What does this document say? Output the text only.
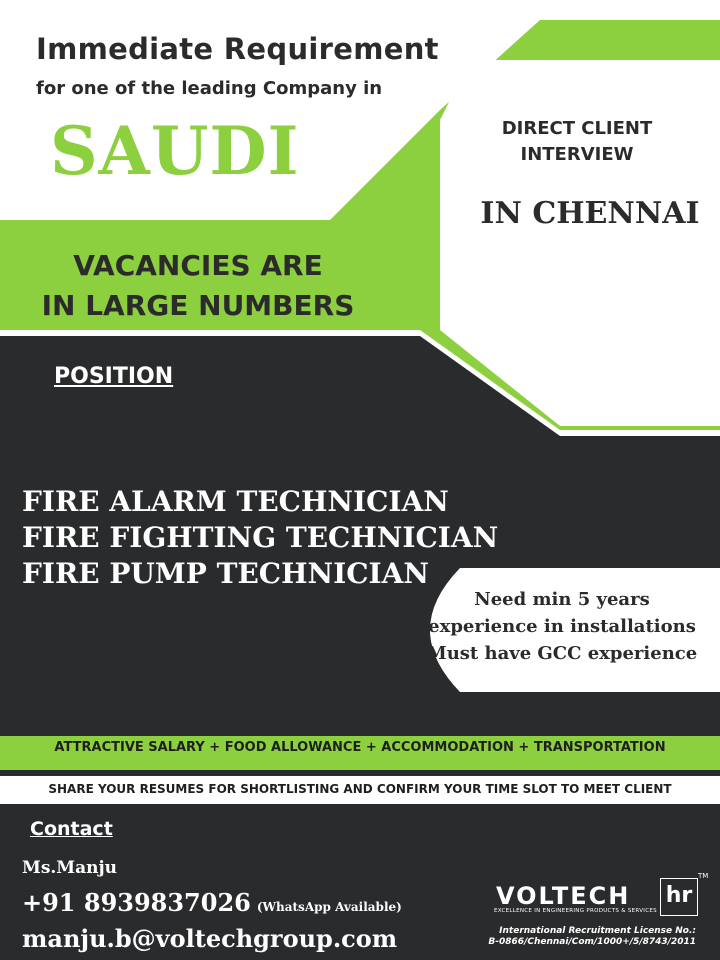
Immediate Requirement
for one of the leading Company in
SAUDI	DIRECT CLIENT
INTERVIEW
IN CHENNAI
VACANCIES ARE
IN LARGE NUMBERS
POSITION
FIRE ALARM TECHNICIAN
FIRE FIGHTING TECHNICIAN
FIRE PUMP TECHNICIAN
Need min 5 years
experience in installations
Must have GCC experience
ATTRACTIVE SALARY + FOOD ALLOWANCE + ACCOMMODATION + TRANSPORTATION
SHARE YOUR RESUMES FOR SHORTLISTING AND CONFIRM YOUR TIME SLOT TO MEET CLIENT
Contact
Ms.Manju
+91 8939837026 (WhatsApp Available)
manju.b@voltechgroup.com
VOLTECH
EXCELLENCE IN ENGINEERING PRODUCTS & SERVICES
hr
TM
International Recruitment License No.:
B-0866/Chennai/Com/1000+/5/8743/2011
